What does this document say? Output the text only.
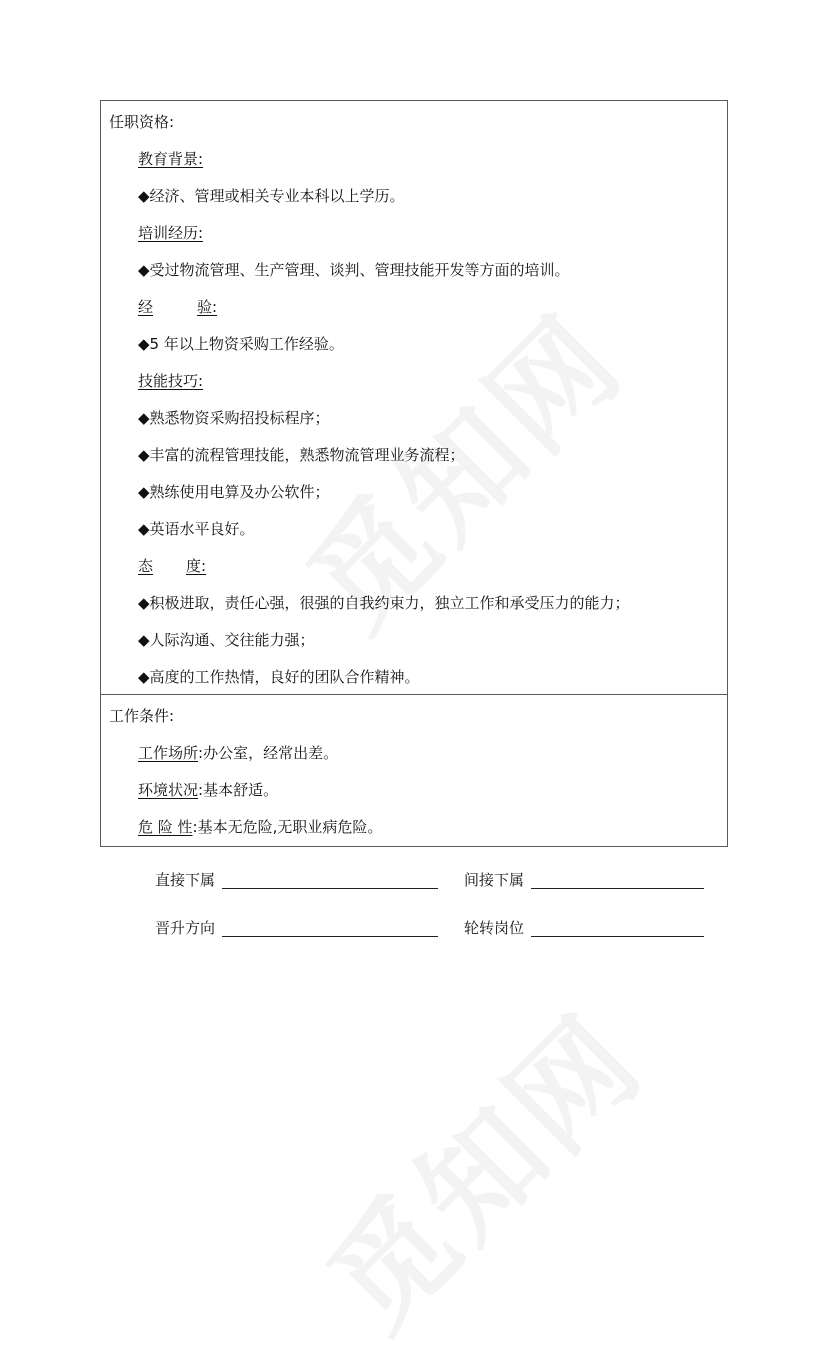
任职资格:
教育背景:
◆经济、管理或相关专业本科以上学历。
培训经历:
◆受过物流管理、生产管理、谈判、管理技能开发等方面的培训。
经	验:
◆5 年以上物资采购工作经验。
技能技巧:
◆熟悉物资采购招投标程序；
◆丰富的流程管理技能，熟悉物流管理业务流程；
◆熟练使用电算及办公软件；
◆英语水平良好。
态 度:
◆积极进取，责任心强，很强的自我约束力，独立工作和承受压力的能力；
◆人际沟通、交往能力强；
◆高度的工作热情，良好的团队合作精神。
工作条件:
工作场所:办公室，经常出差。
环境状况:基本舒适。
危 险 性:基本无危险,无职业病危险。
直接下属	间接下属
晋升方向	轮转岗位
